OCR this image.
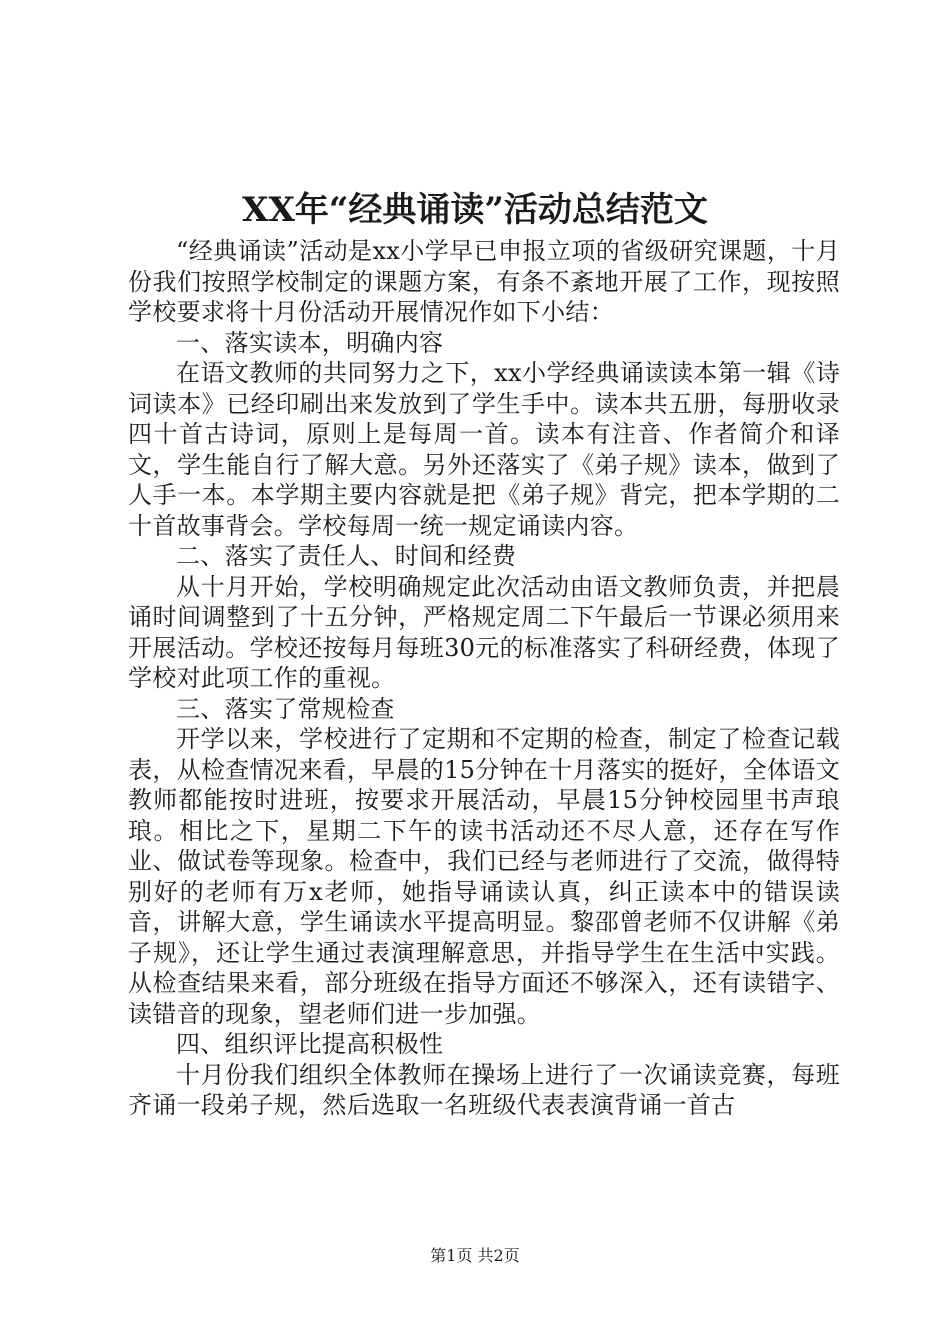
XX年“经典诵读”活动总结范文

“经典诵读”活动是xx小学早已申报立项的省级研究课题，十月份我们按照学校制定的课题方案，有条不紊地开展了工作，现按照学校要求将十月份活动开展情况作如下小结：

一、落实读本，明确内容

在语文教师的共同努力之下，xx小学经典诵读读本第一辑《诗词读本》已经印刷出来发放到了学生手中。读本共五册，每册收录四十首古诗词，原则上是每周一首。读本有注音、作者简介和译文，学生能自行了解大意。另外还落实了《弟子规》读本，做到了人手一本。本学期主要内容就是把《弟子规》背完，把本学期的二十首故事背会。学校每周一统一规定诵读内容。

二、落实了责任人、时间和经费

从十月开始，学校明确规定此次活动由语文教师负责，并把晨诵时间调整到了十五分钟，严格规定周二下午最后一节课必须用来开展活动。学校还按每月每班30元的标准落实了科研经费，体现了学校对此项工作的重视。

三、落实了常规检查

开学以来，学校进行了定期和不定期的检查，制定了检查记载表，从检查情况来看，早晨的15分钟在十月落实的挺好，全体语文教师都能按时进班，按要求开展活动，早晨15分钟校园里书声琅琅。相比之下，星期二下午的读书活动还不尽人意，还存在写作业、做试卷等现象。检查中，我们已经与老师进行了交流，做得特别好的老师有万x老师，她指导诵读认真，纠正读本中的错误读音，讲解大意，学生诵读水平提高明显。黎邵曾老师不仅讲解《弟子规》，还让学生通过表演理解意思，并指导学生在生活中实践。从检查结果来看，部分班级在指导方面还不够深入，还有读错字、读错音的现象，望老师们进一步加强。

四、组织评比提高积极性

十月份我们组织全体教师在操场上进行了一次诵读竞赛，每班齐诵一段弟子规，然后选取一名班级代表表演背诵一首古

第1页 共2页
